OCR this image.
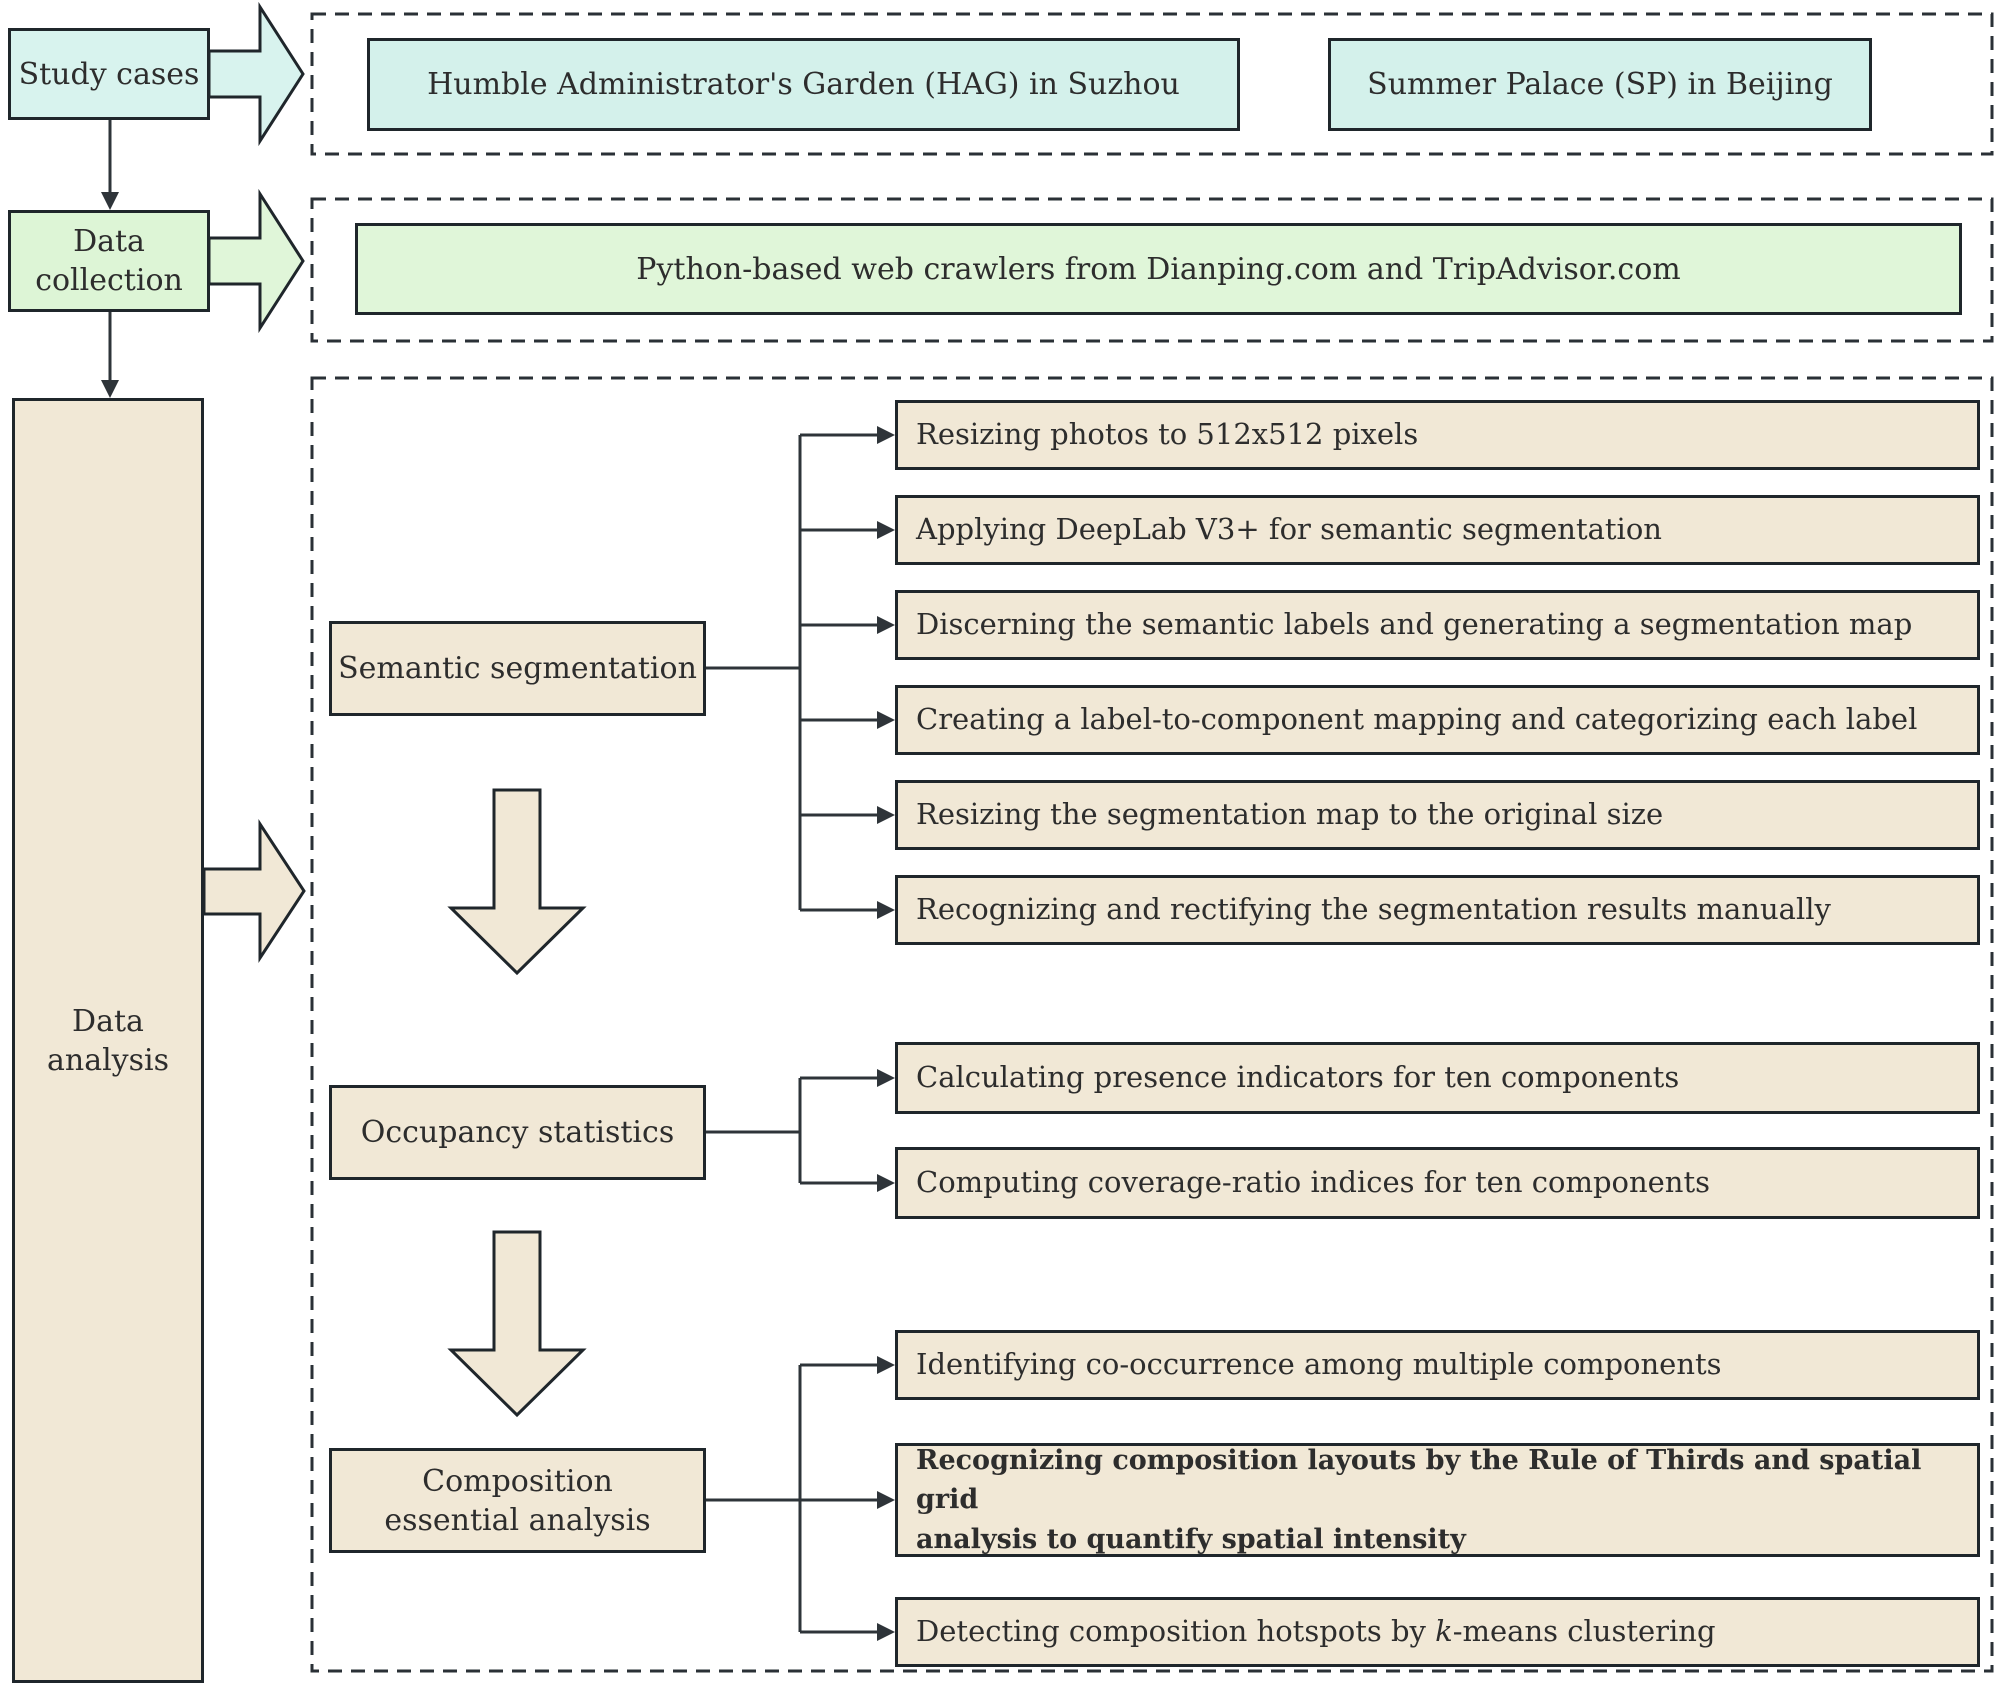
Study cases
Data collection
Data analysis
Humble Administrator's Garden (HAG) in Suzhou	Summer Palace (SP) in Beijing
Python-based web crawlers from Dianping.com and TripAdvisor.com
Semantic segmentation
Occupancy statistics
Composition
essential analysis
Resizing photos to 512x512 pixels
Applying DeepLab V3+ for semantic segmentation
Discerning the semantic labels and generating a segmentation map
Creating a label-to-component mapping and categorizing each label
Resizing the segmentation map to the original size
Recognizing and rectifying the segmentation results manually
Calculating presence indicators for ten components
Computing coverage-ratio indices for ten components
Identifying co-occurrence among multiple components
Recognizing composition layouts by the Rule of Thirds and spatial grid
analysis to quantify spatial intensity
Detecting composition hotspots by k-means clustering
